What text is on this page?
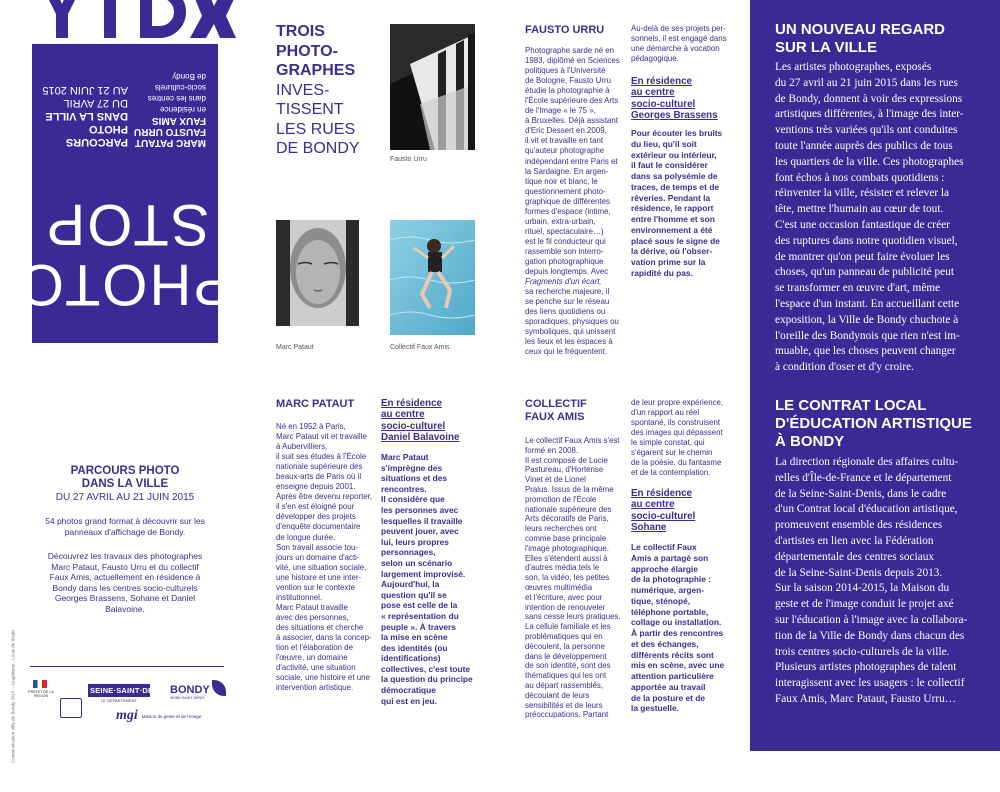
MARC PATAUT
FAUSTO URRU
FAUX AMIS
en résidence
dans les centres
socio-culturels
de Bondy
PARCOURS PHOTO
DANS LA VILLE
DU 27 AVRIL
AU 21 JUIN 2015
PHOTO STOP
PARCOURS PHOTO
DANS LA VILLE
DU 27 AVRIL AU 21 JUIN 2015
54 photos grand format à découvrir sur les panneaux d'affichage de Bondy.
Découvrez les travaux des photographes Marc Pataut, Fausto Urru et du collectif Faux Amis, actuellement en résidence à Bondy dans les centres socio-culturels Georges Brassens, Sohane et Daniel Balavoine.
Communication Ville de Bondy 2015 – Graphisme : Louis de Brujin	PRÉFET DE LA RÉGION
SEINE·SAINT·DENIS
LE DÉPARTEMENT
BONDY
SEINE-SAINT-DENIS
mgi Maison du geste et de l'image
TROIS
PHOTO-
GRAPHES
INVES-
TISSENT
LES RUES
DE BONDY
Fausto Urru
Marc Pataut	Collectif Faux Amis
FAUSTO URRU
Photographe sarde né en
1983, diplômé en Sciences
politiques à l'Université
de Bologne, Fausto Urru
étudie la photographie à
l'École supérieure des Arts
de l'Image « le 75 »,
à Bruxelles. Déjà assistant
d'Eric Dessert en 2009,
il vit et travaille en tant
qu'auteur photographe
indépendant entre Paris et
la Sardaigne. En argen-
tique noir et blanc, le
questionnement photo-
graphique de différentes
formes d'espace (intime,
urbain, extra-urbain,
rituel, spectaculaire…)
est le fil conducteur qui
rassemble son interro-
gation photographique
depuis longtemps. Avec
Fragments d'un écart,
sa recherche majeure, il
se penche sur le réseau
des liens quotidiens ou
sporadiques, physiques ou
symboliques, qui unissent
les lieux et les espaces à
ceux qui le fréquentent.
Au-delà de ses projets per-
sonnels, il est engagé dans
une démarche à vocation
pédagogique.
En résidence
au centre
socio-culturel
Georges Brassens
Pour écouter les bruits
du lieu, qu'il soit
extérieur ou intérieur,
il faut le considérer
dans sa polysémie de
traces, de temps et de
rêveries. Pendant la
résidence, le rapport
entre l'homme et son
environnement a été
placé sous le signe de
la dérive, où l'obser-
vation prime sur la
rapidité du pas.
MARC PATAUT
Né en 1952 à Paris,
Marc Pataut vit et travaille
à Aubervilliers,
il suit ses études à l'École
nationale supérieure des
beaux-arts de Paris où il
enseigne depuis 2001.
Après être devenu reporter,
il s'en est éloigné pour
développer des projets
d'enquête documentaire
de longue durée.
Son travail associe tou-
jours un domaine d'acti-
vité, une situation sociale,
une histoire et une inter-
vention sur le contexte
institutionnel.
Marc Pataut travaille
avec des personnes,
des situations et cherche
à associer, dans la concep-
tion et l'élaboration de
l'œuvre, un domaine
d'activité, une situation
sociale, une histoire et une
intervention artistique.
En résidence
au centre
socio-culturel
Daniel Balavoine
Marc Pataut
s'imprègne des
situations et des
rencontres.
Il considère que
les personnes avec
lesquelles il travaille
peuvent jouer, avec
lui, leurs propres
personnages,
selon un scénario
largement improvisé.
Aujourd'hui, la
question qu'il se
pose est celle de la
« représentation du
peuple ». À travers
la mise en scène
des identités (ou
identifications)
collectives, c'est toute
la question du principe
démocratique
qui est en jeu.
COLLECTIF
FAUX AMIS
Le collectif Faux Amis s'est
formé en 2008.
Il est composé de Lucie
Pastureau, d'Hortense
Vinet et de Lionel
Pralus. Issus de la même
promotion de l'École
nationale supérieure des
Arts décoratifs de Paris,
leurs recherches ont
comme base principale
l'image photographique.
Elles s'étendent aussi à
d'autres média tels le
son, la vidéo, les petites
œuvres multimédia
et l'écriture, avec pour
intention de renouveler
sans cesse leurs pratiques.
La cellule familiale et les
problématiques qui en
découlent, la personne
dans le développement
de son identité, sont des
thématiques qui les ont
au départ rassemblés,
découlant de leurs
sensibilités et de leurs
préoccupations. Partant
de leur propre expérience,
d'un rapport au réel
spontané, ils construisent
des images qui dépassent
le simple constat, qui
s'égarent sur le chemin
de la poésie, du fantasme
et de la contemplation.
En résidence
au centre
socio-culturel
Sohane
Le collectif Faux
Amis a partagé son
approche élargie
de la photographie :
numérique, argen-
tique, sténopé,
téléphone portable,
collage ou installation.
À partir des rencontres
et des échanges,
différents récits sont
mis en scène, avec une
attention particulière
apportée au travail
de la posture et de
la gestuelle.
UN NOUVEAU REGARD
SUR LA VILLE
Les artistes photographes, exposés
du 27 avril au 21 juin 2015 dans les rues
de Bondy, donnent à voir des expressions
artistiques différentes, à l'image des inter-
ventions très variées qu'ils ont conduites
toute l'année auprès des publics de tous
les quartiers de la ville. Ces photographes
font échos à nos combats quotidiens :
réinventer la ville, résister et relever la
tête, mettre l'humain au cœur de tout.
C'est une occasion fantastique de créer
des ruptures dans notre quotidien visuel,
de montrer qu'on peut faire évoluer les
choses, qu'un panneau de publicité peut
se transformer en œuvre d'art, même
l'espace d'un instant. En accueillant cette
exposition, la Ville de Bondy chuchote à
l'oreille des Bondynois que rien n'est im-
muable, que les choses peuvent changer
à condition d'oser et d'y croire.
LE CONTRAT LOCAL
D'ÉDUCATION ARTISTIQUE
À BONDY
La direction régionale des affaires cultu-
relles d'Île-de-France et le département
de la Seine-Saint-Denis, dans le cadre
d'un Contrat local d'éducation artistique,
promeuvent ensemble des résidences
d'artistes en lien avec la Fédération
départementale des centres sociaux
de la Seine-Saint-Denis depuis 2013.
Sur la saison 2014-2015, la Maison du
geste et de l'image conduit le projet axé
sur l'éducation à l'image avec la collabora-
tion de la Ville de Bondy dans chacun des
trois centres socio-culturels de la ville.
Plusieurs artistes photographes de talent
interagissent avec les usagers : le collectif
Faux Amis, Marc Pataut, Fausto Urru…
